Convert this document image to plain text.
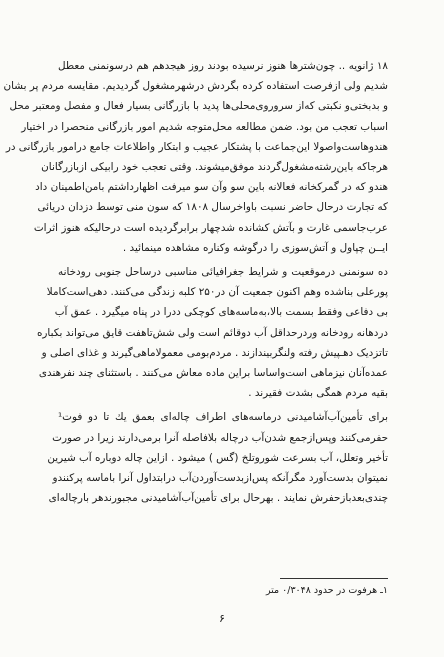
۱۸ ژانویه .. چون‌شترها هنوز نرسیده بودند روز هیجدهم هم درسونمنی معطل
شدیم ولی ازفرصت استفاده کرده بگردش درشهرمشغول گردیدیم. مقایسه مردم پر بشان
و بدبختی‌و نکبتی که‌از سروروی‌محلی‌ها پدید با بازرگانی بسیار فعال و مفصل ومعتبر محل
اسباب تعجب من بود. ضمن مطالعه محل‌متوجه شدیم امور بازرگانی منحصرا در اختیار
هندوهاست‌واصولا این‌جماعت با پشتکار عجیب و ابتکار واطلاعات جامع درامور بازرگانی در
هرجاکه باین‌رشته‌مشغول‌گردند موفق‌میشوند. وقتی تعجب خود رابیکی ازبازرگانان
هندو که در گمرکخانه فعالانه باین سو وآن سو میرفت اظهارداشتم بامن‌اطمینان داد
که تجارت درحال حاضر نسبت باواخرسال ۱۸۰۸ که سون منی توسط دزدان دریائی
عرب‌جاسمی غارت و بآتش کشانده شدچهار برابرگردیده است درحالیکه هنوز اثرات
ایــن چپاول و آتش‌سوزی را درگوشه وکناره مشاهده مینمائید .

ده سونمنی درموقعیت و شرایط جغرافیائی مناسبی درساحل جنوبی رودخانه
پورعلی بناشده وهم اکنون جمعیت آن در۲۵۰ کلبه زندگی می‌کنند. دهی‌است‌کاملا
بی دفاعی وفقط بسمت بالا،به‌ماسه‌های کوچکی ددرا در پناه میگیرد . عمق آب
دردهانه رودخانه وردرحداقل آب دوقائم است ولی شش‌تاهفت قایق می‌تواند بکباره
تاتزدیک دهـپیش رفته ولنگربیندازند . مردم‌بومی معمولاماهی‌گیرند و غذای اصلی و
عمده‌آنان نیزماهی است‌واساسا براین ماده معاش می‌کنند . باستثنای چند نفرهندی
بقیه مردم همگی بشدت فقیرند .

برای تأمین‌آب‌آشامیدنی درماسه‌های اطراف چاله‌ای بعمق یك تا دو فوت¹
حفرمی‌کنند وپس‌ازجمع شدن‌آب درچاله بلافاصله آنرا برمی‌دارند زیرا در صورت
تأخیر وتعلل، آب بسرعت شوروتلخ (گس ) میشود . ازاین چاله دوباره آب شیرین
نمیتوان بدست‌آورد مگرآنکه پس‌ازبدست‌آوردن‌آب درابتداول آنرا باماسه پرکنندو
چندی‌بعدبازحفرش نمایند . بهرحال برای تأمین‌آب‌آشامیدنی مجبورندهر بارچاله‌ای

۱ـ هرفوت در حدود ۰/۳۰۴۸ متر
۶
